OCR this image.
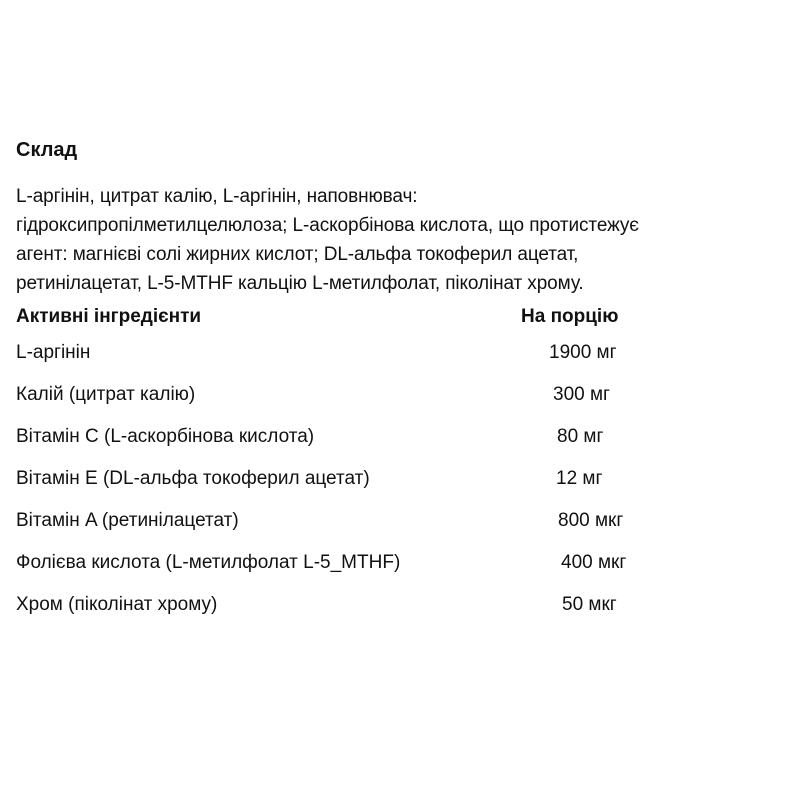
Склад
L-аргінін, цитрат калію, L-аргінін, наповнювач:
гідроксипропілметилцелюлоза; L-аскорбінова кислота, що протистежує
агент: магнієві солі жирних кислот; DL-альфа токоферил ацетат,
ретинілацетат, L-5-MTHF кальцію L-метилфолат, піколінат хрому.
Активні інгредієнти	На порцію
L-аргінін	1900 мг
Калій (цитрат калію)	300 мг
Вітамін C (L-аскорбінова кислота)	80 мг
Вітамін E (DL-альфа токоферил ацетат)	12 мг
Вітамін A (ретинілацетат)	800 мкг
Фолієва кислота (L-метилфолат L-5_MTHF)	400 мкг
Хром (піколінат хрому)	50 мкг
